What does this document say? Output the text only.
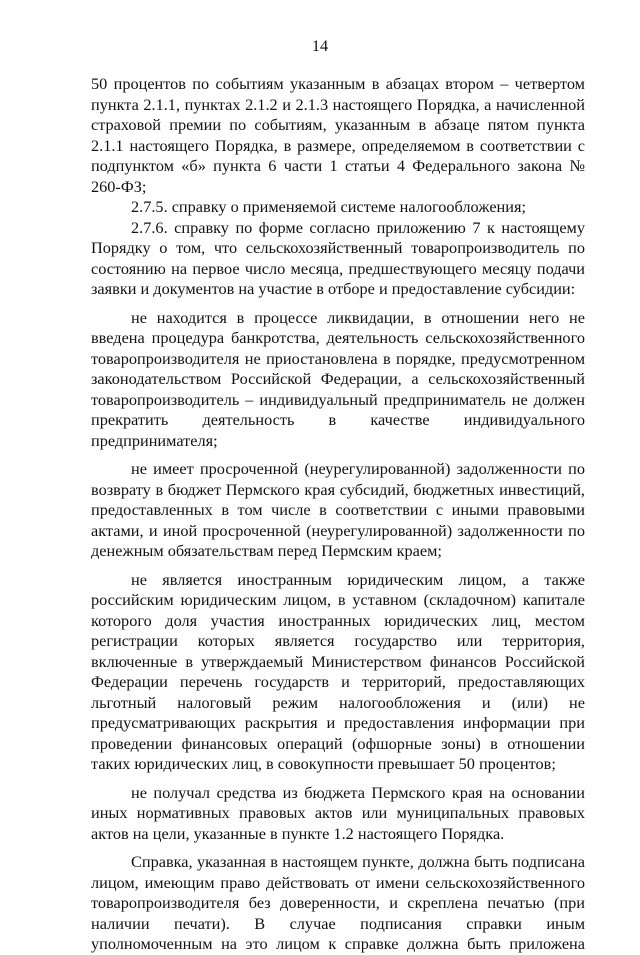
14

50 процентов по событиям указанным в абзацах втором – четвертом пункта 2.1.1, пунктах 2.1.2 и 2.1.3 настоящего Порядка, а начисленной страховой премии по событиям, указанным в абзаце пятом пункта 2.1.1 настоящего Порядка, в размере, определяемом в соответствии с подпунктом «б» пункта 6 части 1 статьи 4 Федерального закона № 260-ФЗ;

2.7.5. справку о применяемой системе налогообложения;

2.7.6. справку по форме согласно приложению 7 к настоящему Порядку о том, что сельскохозяйственный товаропроизводитель по состоянию на первое число месяца, предшествующего месяцу подачи заявки и документов на участие в отборе и предоставление субсидии:

не находится в процессе ликвидации, в отношении него не введена процедура банкротства, деятельность сельскохозяйственного товаропроизводителя не приостановлена в порядке, предусмотренном законодательством Российской Федерации, а сельскохозяйственный товаропроизводитель – индивидуальный предприниматель не должен прекратить деятельность в качестве индивидуального предпринимателя;

не имеет просроченной (неурегулированной) задолженности по возврату в бюджет Пермского края субсидий, бюджетных инвестиций, предоставленных в том числе в соответствии с иными правовыми актами, и иной просроченной (неурегулированной) задолженности по денежным обязательствам перед Пермским краем;

не является иностранным юридическим лицом, а также российским юридическим лицом, в уставном (складочном) капитале которого доля участия иностранных юридических лиц, местом регистрации которых является государство или территория, включенные в утверждаемый Министерством финансов Российской Федерации перечень государств и территорий, предоставляющих льготный налоговый режим налогообложения и (или) не предусматривающих раскрытия и предоставления информации при проведении финансовых операций (офшорные зоны) в отношении таких юридических лиц, в совокупности превышает 50 процентов;

не получал средства из бюджета Пермского края на основании иных нормативных правовых актов или муниципальных правовых актов на цели, указанные в пункте 1.2 настоящего Порядка.

Справка, указанная в настоящем пункте, должна быть подписана лицом, имеющим право действовать от имени сельскохозяйственного товаропроизводителя без доверенности, и скреплена печатью (при наличии печати). В случае подписания справки иным уполномоченным на это лицом к справке должна быть приложена
